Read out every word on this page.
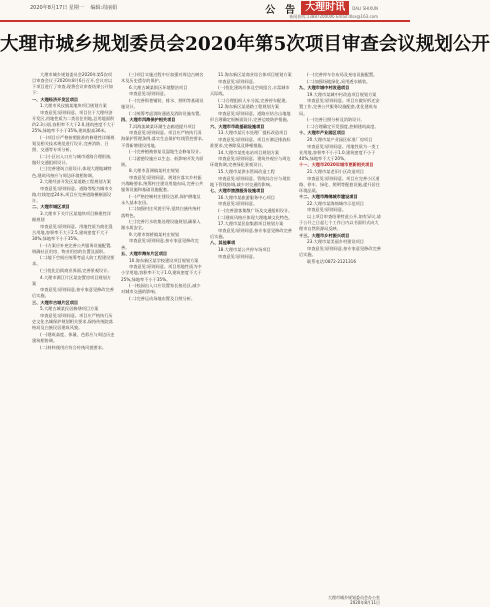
2020年8月17日 星期一 编辑:周丽娟	公　告	大理时讯	DALI SHIXUN
新闻热线:13887200006 Email:dlsx@163.com
大理市城乡规划委员会2020年第5次项目审查会议规划公开

大理市城乡规划委员会2020年第5次项目审查会议于2020年8月6日召开,会议对以下项目进行了审查,现将会议审查结果公开如下:

一、大理经济开发区项目

1.大理市凤仪镇某地块项目规划方案

审查意见:原则同意。项目位于大理经济开发区,用地性质为二类居住用地,总用地面积约2.3公顷,容积率不大于2.0,建筑密度不大于25%,绿地率不小于35%,建筑限高36米。

(一)项目应严格按照批准的修建性详细规划及相关技术规范进行设计,完善消防、日照、交通等专项分析。

(二)小区出入口应与城市道路合理衔接,做好交通组织设计。

(三)完善建筑立面设计,体现大理地域特色,建筑风格应与周边环境相协调。

2.大理经济开发区某道路工程规划方案

审查意见:原则同意。道路等级为城市支路,红线宽度24米,项目应完善道路横断面设计。

二、大理市城区项目

3.大理市下关片区某地块项目修建性详细规划

审查意见:原则同意。用地性质为商住混合用地,容积率不大于2.5,建筑密度不大于30%,绿地率不小于35%。

(一)方案应补充完善公共服务设施配置,明确社区用房、物业用房的位置及面积。

(二)地下空间应统筹考虑人防工程建设要求。

(三)优化沿街商业界面,完善景观设计。

4.大理市满江片区某安置房项目规划方案

审查意见:原则同意,按专家意见修改完善后实施。

三、大理市古城片区项目

5.大理古城某民居修缮项目方案

审查意见:原则同意。项目应严格执行历史文化名城保护规划相关要求,保持传统院落格局及白族民居建筑风貌。

(一)建筑高度、体量、色彩应与周边历史建筑相协调。

(二)材料使用应符合传统风貌要求。

(三)项目实施过程中应加强对周边古树名木及历史遗存的保护。

6.大理古城某街区环境整治项目

审查意见:原则同意。

(一)完善街巷铺装、排水、照明等基础设施设计。

(二)统筹考虑消防通道及消防设施布置。

四、大理市洱海保护相关项目

7.洱海流域某环湖生态廊道提升项目

审查意见:原则同意。项目应严格执行洱海保护管理条例,落实生态保护红线管控要求,不得新增建设用地。

(一)完善植被恢复及湿地生态修复设计。

(二)游憩设施应以生态、低影响开发为原则。

8.大理市喜洲镇某村庄规划

审查意见:原则同意。规划应落实乡村振兴战略要求,统筹村庄建设用地布局,完善公共服务设施和基础设施配套。

(一)严格控制村庄建设边界,保护耕地及永久基本农田。

(二)加强村庄风貌引导,延续白族传统村落特色。

(三)完善污水收集处理设施规划,确保入湖水质安全。

9.大理市湾桥镇某村庄规划

审查意见:原则同意,按专家意见修改完善。

五、大理市海东片区项目

10.海东新区某学校建设项目规划方案

审查意见:原则同意。项目用地性质为中小学用地,容积率不大于1.0,建筑密度不大于25%,绿地率不小于35%。

(一)校园出入口应设置家长接送区,减少对城市交通的影响。

(二)完善运动场地布置及日照分析。

11.海东新区某商业综合体项目规划方案

审查意见:原则同意。

(一)优化建筑形体及空间组合,丰富城市天际线。

(二)合理组织人车分流,完善停车配建。

12.海东新区某道路工程规划方案

审查意见:原则同意。道路应结合山地地形合理确定纵断面设计,完善边坡防护措施。

六、大理市市政基础设施项目

13.大理市某污水处理厂提标改造项目

审查意见:原则同意。项目应满足排放标准要求,完善除臭及降噪措施。

14.大理市某变电站项目规划方案

审查意见:原则同意。建筑外观应与周边环境协调,完善绿化景观设计。

15.大理市某供水管网改造工程

审查意见:原则同意。管线综合应与现状地下管线协调,减少对交通的影响。

七、大理市旅游服务设施项目

16.大理市某旅游服务中心项目

审查意见:原则同意。

(一)完善游客集散广场及交通组织设计。

(二)建筑风格应体现大理地域文化特色。

17.大理市某民宿集群项目规划方案

审查意见:原则同意,按专家意见修改完善后实施。

八、其他事项

18.大理市某公共停车场项目

审查意见:原则同意。

(一)完善停车位布局及充电设施配置。

(二)加强场地绿化,采用透水铺装。

九、大理市城中村改造项目

19.大理市某城中村改造项目规划方案

审查意见:原则同意。项目应做好拆迁安置工作,完善公共服务设施配套,优化建筑布局。

(一)完善日照分析及消防设计。

(二)合理确定开发强度,控制建筑高度。

十、大理市产业园区项目

20.大理市某产业园区标准厂房项目

审查意见:原则同意。用地性质为一类工业用地,容积率不小于1.0,建筑密度不小于40%,绿地率不大于20%。

十一、大理市2020年城市更新相关项目

21.大理市某老旧小区改造项目

审查意见:原则同意。项目应完善小区道路、停车、绿化、照明等配套设施,提升居住环境品质。

十二、大理市海绵城市建设项目

22.大理市某海绵城市示范项目

审查意见:原则同意。

以上项目审查结果特此公开,如有异议,请于公开之日起七个工作日内以书面形式向大理市自然资源局反映。

十三、大理市乡村振兴项目

23.大理市某美丽乡村建设项目

审查意见:原则同意,按专家意见修改完善后实施。

联系电话:0872-2121316

大理市城乡规划委员会办公室
2020年8月11日
